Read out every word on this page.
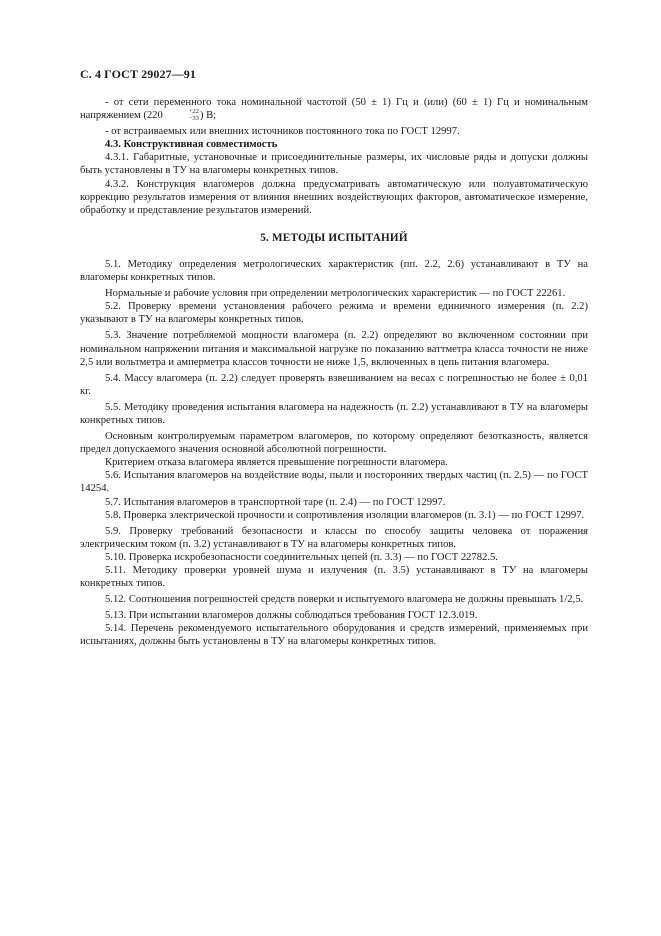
С. 4 ГОСТ 29027—91

- от сети переменного тока номинальной частотой (50 ± 1) Гц и (или) (60 ± 1) Гц и номинальным напряжением (220	+22
−33 ) В;

- от встраиваемых или внешних источников постоянного тока по ГОСТ 12997.

4.3. Конструктивная совместимость

4.3.1. Габаритные, установочные и присоединительные размеры, их числовые ряды и допуски должны быть установлены в ТУ на влагомеры конкретных типов.

4.3.2. Конструкция влагомеров должна предусматривать автоматическую или полуавтоматическую коррекцию результатов измерения от влияния внешних воздействующих факторов, автоматическое измерение, обработку и представление результатов измерений.

5. МЕТОДЫ ИСПЫТАНИЙ

5.1. Методику определения метрологических характеристик (пп. 2.2, 2.6) устанавливают в ТУ на влагомеры конкретных типов.

Нормальные и рабочие условия при определении метрологических характеристик — по ГОСТ 22261.

5.2. Проверку времени установления рабочего режима и времени единичного измерения (п. 2.2) указывают в ТУ на влагомеры конкретных типов.

5.3. Значение потребляемой мощности влагомера (п. 2.2) определяют во включенном состоянии при номинальном напряжении питания и максимальной нагрузке по показанию ваттметра класса точности не ниже 2,5 или вольтметра и амперметра классов точности не ниже 1,5, включенных в цепь питания влагомера.

5.4. Массу влагомера (п. 2.2) следует проверять взвешиванием на весах с погрешностью не более ± 0,01 кг.

5.5. Методику проведения испытания влагомера на надежность (п. 2.2) устанавливают в ТУ на влагомеры конкретных типов.

Основным контролируемым параметром влагомеров, по которому определяют безотказность, является предел допускаемого значения основной абсолютной погрешности.

Критерием отказа влагомера является превышение погрешности влагомера.

5.6. Испытания влагомеров на воздействие воды, пыли и посторонних твердых частиц (п. 2.5) — по ГОСТ 14254.

5.7. Испытания влагомеров в транспортной таре (п. 2.4) — по ГОСТ 12997.

5.8. Проверка электрической прочности и сопротивления изоляции влагомеров (п. 3.1) — по ГОСТ 12997.

5.9. Проверку требований безопасности и классы по способу защиты человека от поражения электрическим током (п. 3.2) устанавливают в ТУ на влагомеры конкретных типов.

5.10. Проверка искробезопасности соединительных цепей (п. 3.3) — по ГОСТ 22782.5.

5.11. Методику проверки уровней шума и излучения (п. 3.5) устанавливают в ТУ на влагомеры конкретных типов.

5.12. Соотношения погрешностей средств поверки и испытуемого влагомера не должны превышать 1/2,5.

5.13. При испытании влагомеров должны соблюдаться требования ГОСТ 12.3.019.

5.14. Перечень рекомендуемого испытательного оборудования и средств измерений, применяемых при испытаниях, должны быть установлены в ТУ на влагомеры конкретных типов.
